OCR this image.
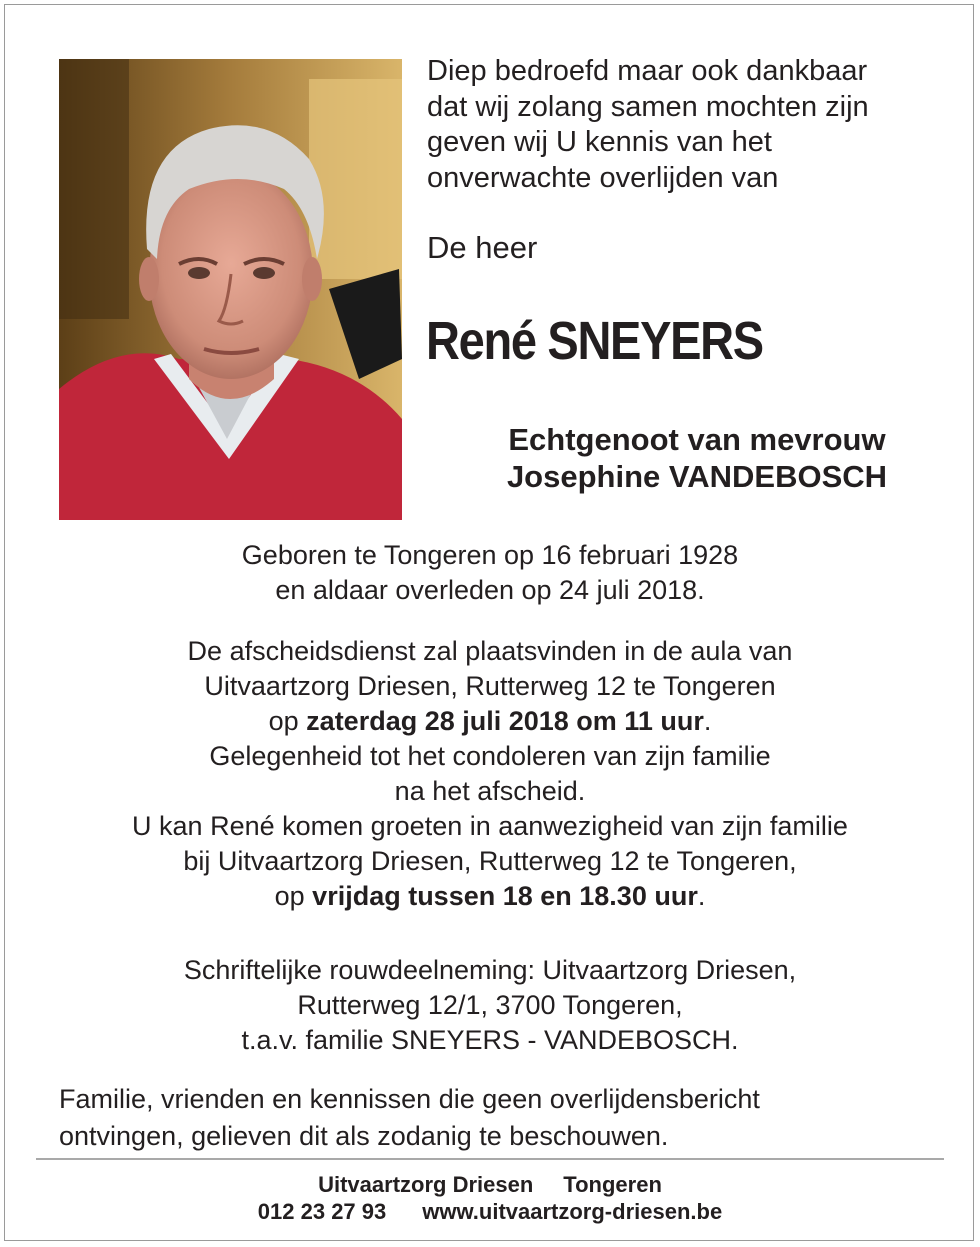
Diep bedroefd maar ook dankbaar
dat wij zolang samen mochten zijn
geven wij U kennis van het
onverwachte overlijden van

De heer

René SNEYERS

Echtgenoot van mevrouw
Josephine VANDEBOSCH

Geboren te Tongeren op 16 februari 1928
en aldaar overleden op 24 juli 2018.

De afscheidsdienst zal plaatsvinden in de aula van
Uitvaartzorg Driesen, Rutterweg 12 te Tongeren
op zaterdag 28 juli 2018 om 11 uur.
Gelegenheid tot het condoleren van zijn familie
na het afscheid.
U kan René komen groeten in aanwezigheid van zijn familie
bij Uitvaartzorg Driesen, Rutterweg 12 te Tongeren,
op vrijdag tussen 18 en 18.30 uur.

Schriftelijke rouwdeelneming: Uitvaartzorg Driesen,
Rutterweg 12/1, 3700 Tongeren,
t.a.v. familie SNEYERS - VANDEBOSCH.

Familie, vrienden en kennissen die geen overlijdensbericht
ontvingen, gelieven dit als zodanig te beschouwen.

Uitvaartzorg Driesen Tongeren
012 23 27 93 www.uitvaartzorg-driesen.be
